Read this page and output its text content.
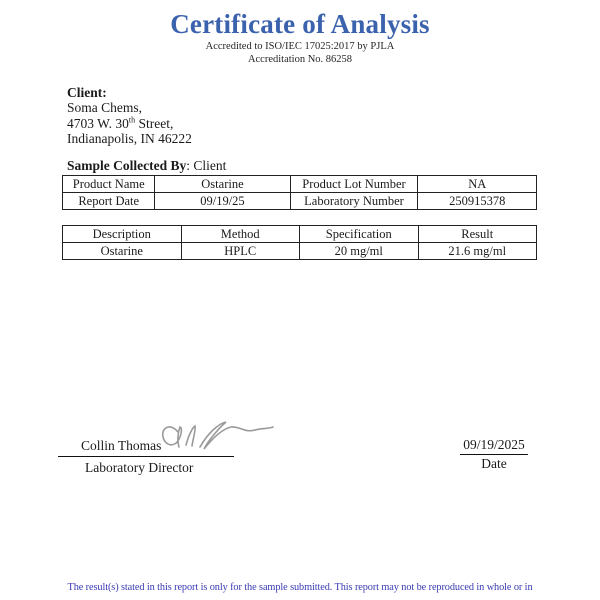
Certificate of Analysis
Accredited to ISO/IEC 17025:2017 by PJLA
Accreditation No. 86258
Client:
Soma Chems,
4703 W. 30th Street,
Indianapolis, IN 46222
Sample Collected By: Client
Product Name	Ostarine	Product Lot Number	NA
Report Date	09/19/25	Laboratory Number	250915378
Description	Method	Specification	Result
Ostarine	HPLC	20 mg/ml	21.6 mg/ml
Collin Thomas
Laboratory Director
09/19/2025
Date
The result(s) stated in this report is only for the sample submitted. This report may not be reproduced in whole or in
